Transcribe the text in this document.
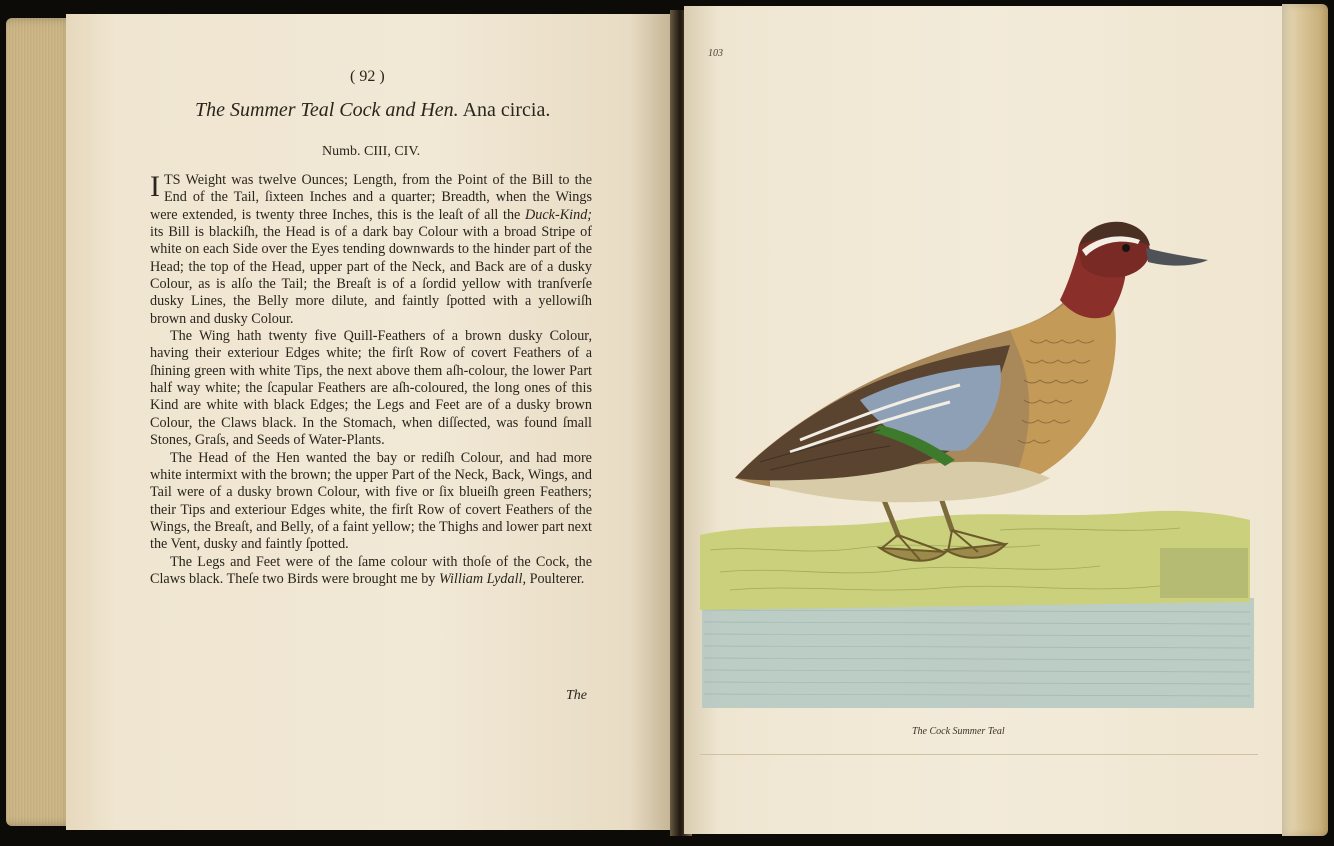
( 92 )
The Summer Teal Cock and Hen. Ana circia.
Numb. CIII, CIV.

I TS Weight was twelve Ounces; Length, from the Point of the Bill to the End of the Tail, ſixteen Inches and a quarter; Breadth, when the Wings were extended, is twenty three Inches, this is the leaſt of all the Duck-Kind; its Bill is blackiſh, the Head is of a dark bay Colour with a broad Stripe of white on each Side over the Eyes tending downwards to the hinder part of the Head; the top of the Head, upper part of the Neck, and Back are of a dusky Colour, as is alſo the Tail; the Breaſt is of a ſordid yellow with tranſverſe dusky Lines, the Belly more dilute, and faintly ſpotted with a yellowiſh brown and dusky Colour.

The Wing hath twenty five Quill-Feathers of a brown dusky Colour, having their exteriour Edges white; the firſt Row of covert Feathers of a ſhining green with white Tips, the next above them aſh-colour, the lower Part half way white; the ſcapular Feathers are aſh-coloured, the long ones of this Kind are white with black Edges; the Legs and Feet are of a dusky brown Colour, the Claws black. In the Stomach, when diſſected, was found ſmall Stones, Graſs, and Seeds of Water-Plants.

The Head of the Hen wanted the bay or rediſh Colour, and had more white intermixt with the brown; the upper Part of the Neck, Back, Wings, and Tail were of a dusky brown Colour, with five or ſix blueiſh green Feathers; their Tips and exteriour Edges white, the firſt Row of covert Feathers of the Wings, the Breaſt, and Belly, of a faint yellow; the Thighs and lower part next the Vent, dusky and faintly ſpotted.

The Legs and Feet were of the ſame colour with thoſe of the Cock, the Claws black. Theſe two Birds were brought me by William Lydall, Poulterer.

The
103
The Cock Summer Teal
